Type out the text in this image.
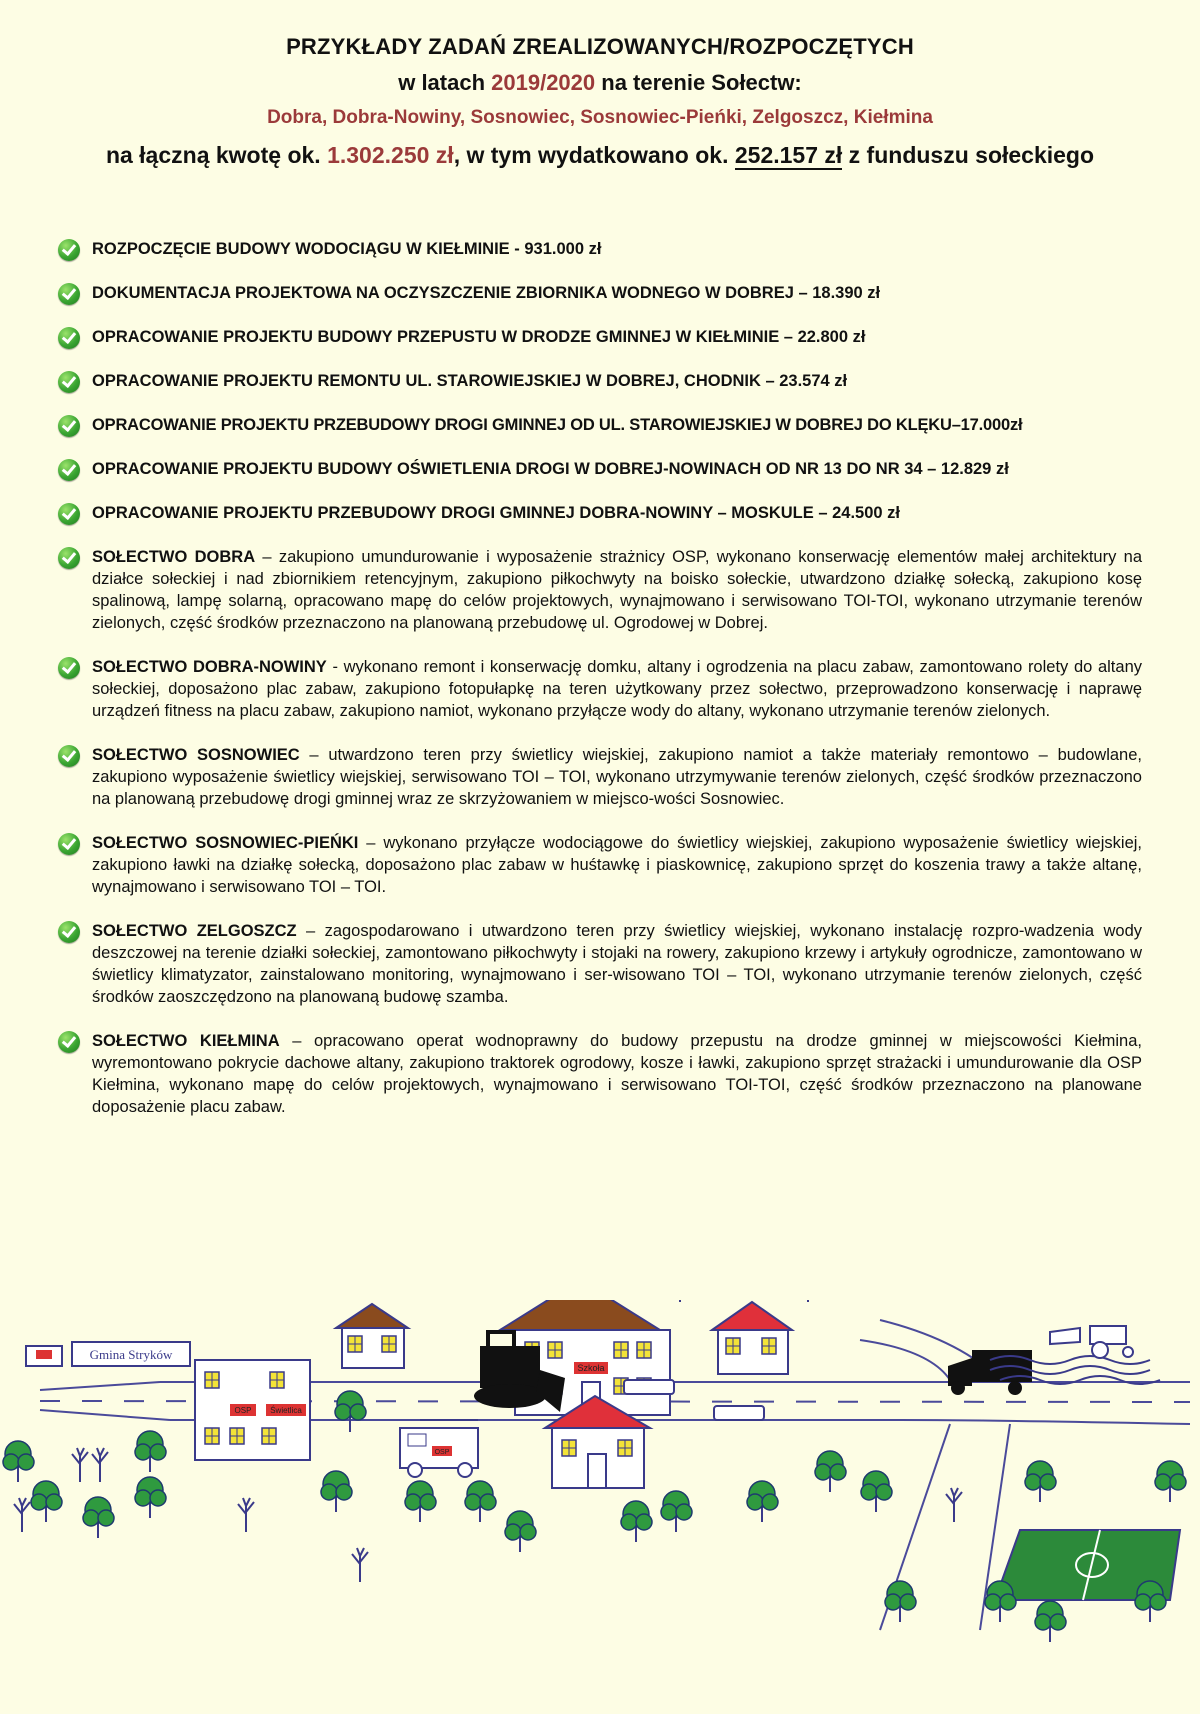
PRZYKŁADY ZADAŃ ZREALIZOWANYCH/ROZPOCZĘTYCH
w latach 2019/2020 na terenie Sołectw:
Dobra, Dobra-Nowiny, Sosnowiec, Sosnowiec-Pieńki, Zelgoszcz, Kiełmina
na łączną kwotę ok. 1.302.250 zł, w tym wydatkowano ok. 252.157 zł z funduszu sołeckiego
ROZPOCZĘCIE BUDOWY WODOCIĄGU W KIEŁMINIE - 931.000 zł
DOKUMENTACJA PROJEKTOWA NA OCZYSZCZENIE ZBIORNIKA WODNEGO W DOBREJ – 18.390 zł
OPRACOWANIE PROJEKTU BUDOWY PRZEPUSTU W DRODZE GMINNEJ W KIEŁMINIE – 22.800 zł
OPRACOWANIE PROJEKTU REMONTU UL. STAROWIEJSKIEJ W DOBREJ, CHODNIK – 23.574 zł
OPRACOWANIE PROJEKTU PRZEBUDOWY DROGI GMINNEJ OD UL. STAROWIEJSKIEJ W DOBREJ DO KLĘKU–17.000zł
OPRACOWANIE PROJEKTU BUDOWY OŚWIETLENIA DROGI W DOBREJ-NOWINACH OD NR 13 DO NR 34 – 12.829 zł
OPRACOWANIE PROJEKTU PRZEBUDOWY DROGI GMINNEJ DOBRA-NOWINY – MOSKULE – 24.500 zł
SOŁECTWO DOBRA – zakupiono umundurowanie i wyposażenie strażnicy OSP, wykonano konserwację elementów małej architektury na działce sołeckiej i nad zbiornikiem retencyjnym, zakupiono piłkochwyty na boisko sołeckie, utwardzono działkę sołecką, zakupiono kosę spalinową, lampę solarną, opracowano mapę do celów projektowych, wynajmowano i serwisowano TOI-TOI, wykonano utrzymanie terenów zielonych, część środków przeznaczono na planowaną przebudowę ul. Ogrodowej w Dobrej.
SOŁECTWO DOBRA-NOWINY - wykonano remont i konserwację domku, altany i ogrodzenia na placu zabaw, zamontowano rolety do altany sołeckiej, doposażono plac zabaw, zakupiono fotopułapkę na teren użytkowany przez sołectwo, przeprowadzono konserwację i naprawę urządzeń fitness na placu zabaw, zakupiono namiot, wykonano przyłącze wody do altany, wykonano utrzymanie terenów zielonych.
SOŁECTWO SOSNOWIEC – utwardzono teren przy świetlicy wiejskiej, zakupiono namiot a także materiały remontowo – budowlane, zakupiono wyposażenie świetlicy wiejskiej, serwisowano TOI – TOI, wykonano utrzymywanie terenów zielonych, część środków przeznaczono na planowaną przebudowę drogi gminnej wraz ze skrzyżowaniem w miejsco-wości Sosnowiec.
SOŁECTWO SOSNOWIEC-PIEŃKI – wykonano przyłącze wodociągowe do świetlicy wiejskiej, zakupiono wyposażenie świetlicy wiejskiej, zakupiono ławki na działkę sołecką, doposażono plac zabaw w huśtawkę i piaskownicę, zakupiono sprzęt do koszenia trawy a także altanę, wynajmowano i serwisowano TOI – TOI.
SOŁECTWO ZELGOSZCZ – zagospodarowano i utwardzono teren przy świetlicy wiejskiej, wykonano instalację rozpro-wadzenia wody deszczowej na terenie działki sołeckiej, zamontowano piłkochwyty i stojaki na rowery, zakupiono krzewy i artykuły ogrodnicze, zamontowano w świetlicy klimatyzator, zainstalowano monitoring, wynajmowano i ser-wisowano TOI – TOI, wykonano utrzymanie terenów zielonych, część środków zaoszczędzono na planowaną budowę szamba.
SOŁECTWO KIEŁMINA – opracowano operat wodnoprawny do budowy przepustu na drodze gminnej w miejscowości Kiełmina, wyremontowano pokrycie dachowe altany, zakupiono traktorek ogrodowy, kosze i ławki, zakupiono sprzęt strażacki i umundurowanie dla OSP Kiełmina, wykonano mapę do celów projektowych, wynajmowano i serwisowano TOI-TOI, część środków przeznaczono na planowane doposażenie placu zabaw.
Gmina Stryków
Szkoła
OSP Świetlica
OSP
